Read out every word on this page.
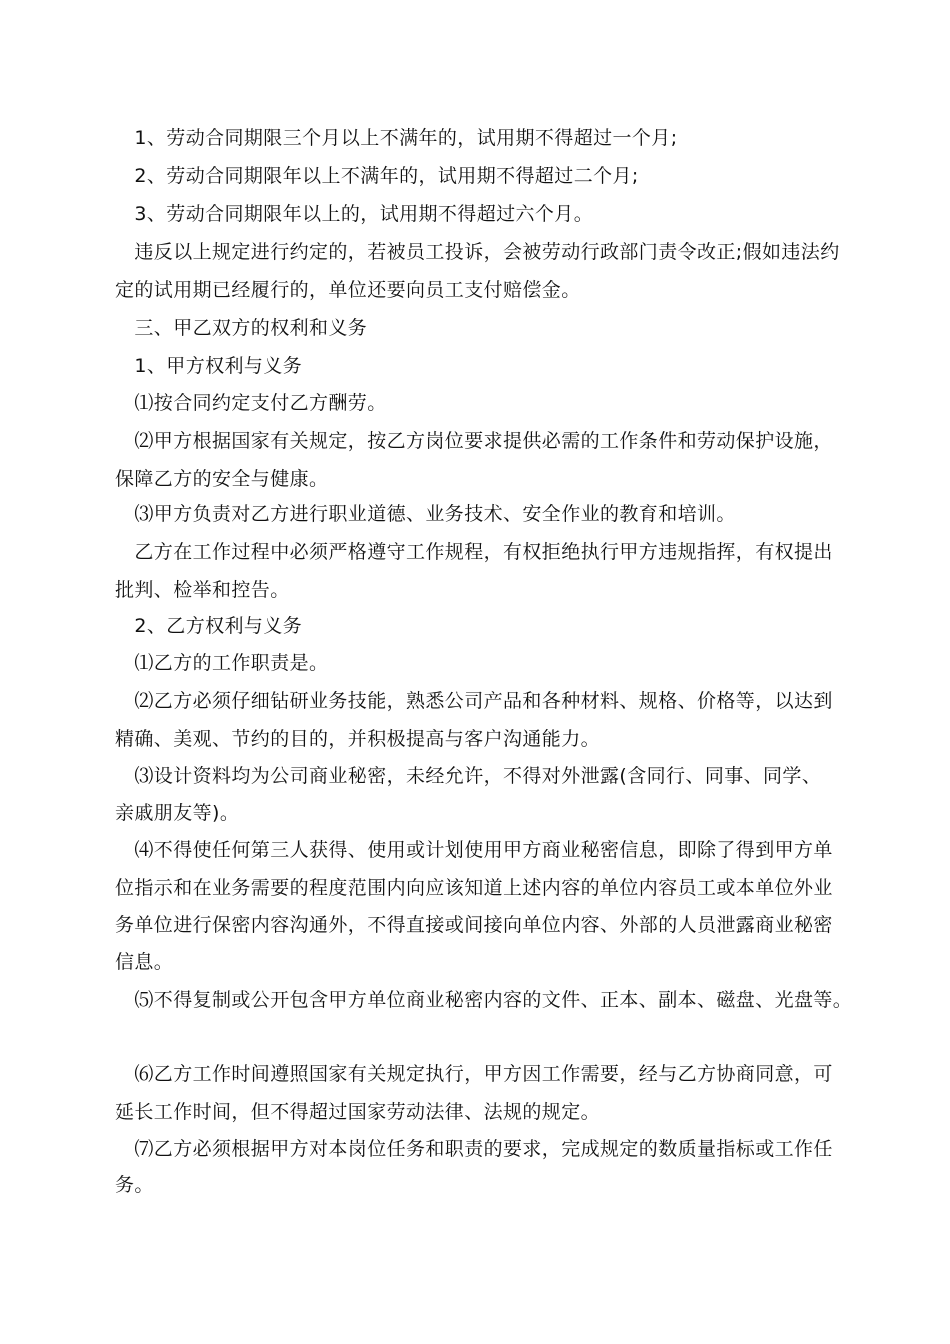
　1、劳动合同期限三个月以上不满年的，试用期不得超过一个月;
　2、劳动合同期限年以上不满年的，试用期不得超过二个月;
　3、劳动合同期限年以上的，试用期不得超过六个月。
　违反以上规定进行约定的，若被员工投诉，会被劳动行政部门责令改正;假如违法约
定的试用期已经履行的，单位还要向员工支付赔偿金。
　三、甲乙双方的权利和义务
　1、甲方权利与义务
　⑴按合同约定支付乙方酬劳。
　⑵甲方根据国家有关规定，按乙方岗位要求提供必需的工作条件和劳动保护设施，
保障乙方的安全与健康。
　⑶甲方负责对乙方进行职业道德、业务技术、安全作业的教育和培训。
　乙方在工作过程中必须严格遵守工作规程，有权拒绝执行甲方违规指挥，有权提出
批判、检举和控告。
　2、乙方权利与义务
　⑴乙方的工作职责是。
　⑵乙方必须仔细钻研业务技能，熟悉公司产品和各种材料、规格、价格等，以达到
精确、美观、节约的目的，并积极提高与客户沟通能力。
　⑶设计资料均为公司商业秘密，未经允许，不得对外泄露(含同行、同事、同学、
亲戚朋友等)。
　⑷不得使任何第三人获得、使用或计划使用甲方商业秘密信息，即除了得到甲方单
位指示和在业务需要的程度范围内向应该知道上述内容的单位内容员工或本单位外业
务单位进行保密内容沟通外，不得直接或间接向单位内容、外部的人员泄露商业秘密
信息。
　⑸不得复制或公开包含甲方单位商业秘密内容的文件、正本、副本、磁盘、光盘等。
　⑹乙方工作时间遵照国家有关规定执行，甲方因工作需要，经与乙方协商同意，可
延长工作时间，但不得超过国家劳动法律、法规的规定。
　⑺乙方必须根据甲方对本岗位任务和职责的要求，完成规定的数质量指标或工作任
务。
